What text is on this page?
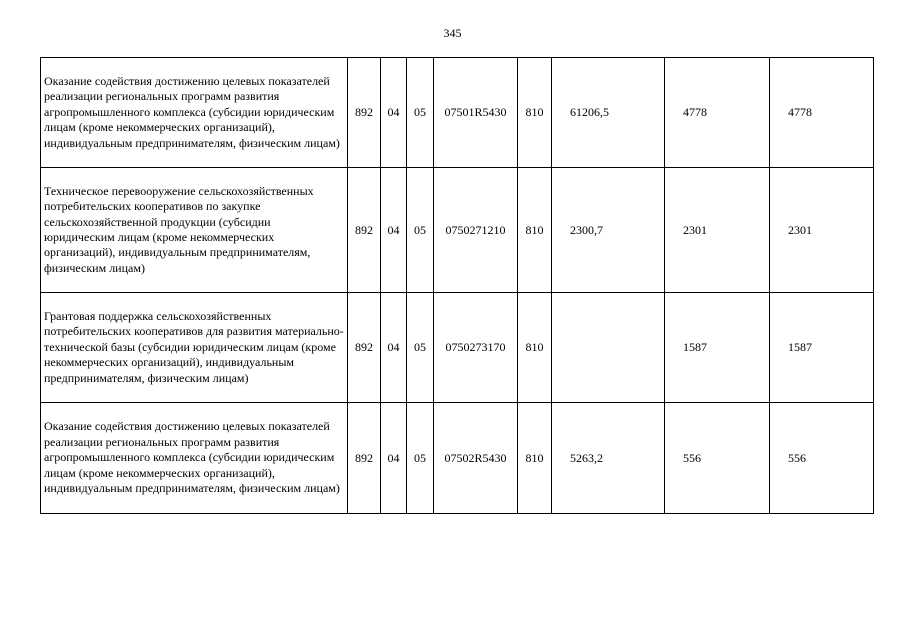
345
Оказание содействия достижению целевых показателей реализации региональных программ развития агропромышленного комплекса (субсидии юридическим лицам (кроме некоммерческих организаций), индивидуальным предпринимателям, физическим лицам)	892	04	05	07501R5430	810	61206,5	4778	4778
Техническое перевооружение сельскохозяйственных потребительских кооперативов по закупке сельскохозяйственной продукции (субсидии юридическим лицам (кроме некоммерческих организаций), индивидуальным предпринимателям, физическим лицам)	892	04	05	0750271210	810	2300,7	2301	2301
Грантовая поддержка сельскохозяйственных потребительских кооперативов для развития материально-технической базы (субсидии юридическим лицам (кроме некоммерческих организаций), индивидуальным предпринимателям, физическим лицам)	892	04	05	0750273170	810		1587	1587
Оказание содействия достижению целевых показателей реализации региональных программ развития агропромышленного комплекса (субсидии юридическим лицам (кроме некоммерческих организаций), индивидуальным предпринимателям, физическим лицам)	892	04	05	07502R5430	810	5263,2	556	556
